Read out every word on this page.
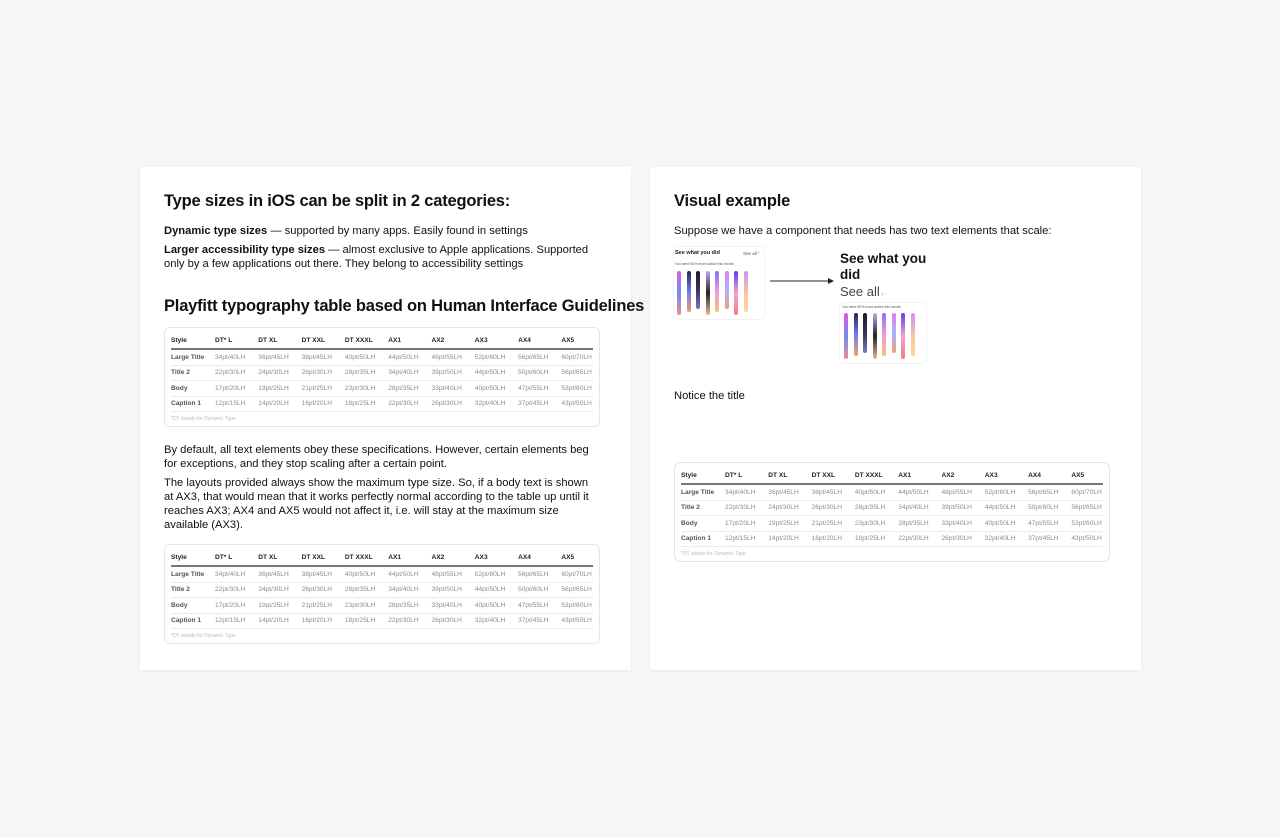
Type sizes in iOS can be split in 2 categories:

Dynamic type sizes — supported by many apps. Easily found in settings

Larger accessibility type sizes — almost exclusive to Apple applications. Supported only by a few applications out there. They belong to accessibility settings

Playfitt typography table based on Human Interface Guidelines
Style	DT* L	DT XL	DT XXL	DT XXXL	AX1	AX2	AX3	AX4	AX5
Large Title	34pt/40LH	36pt/45LH	38pt/45LH	40pt/50LH	44pt/50LH	48pt/55LH	52pt/60LH	56pt/65LH	60pt/70LH
Title 2	22pt/30LH	24pt/30LH	26pt/30LH	28pt/35LH	34pt/40LH	39pt/50LH	44pt/50LH	50pt/60LH	56pt/65LH
Body	17pt/20LH	19pt/25LH	21pt/25LH	23pt/30LH	28pt/35LH	33pt/40LH	40pt/50LH	47pt/55LH	53pt/60LH
Caption 1	12pt/15LH	14pt/20LH	16pt/20LH	18pt/25LH	22pt/30LH	26pt/30LH	32pt/40LH	37pt/45LH	43pt/50LH
*DT stands for Dynamic Type

By default, all text elements obey these specifications. However, certain elements beg for exceptions, and they stop scaling after a certain point.

The layouts provided always show the maximum type size. So, if a body text is shown at AX3, that would mean that it works perfectly normal according to the table up until it reaches AX3; AX4 and AX5 would not affect it, i.e. will stay at the maximum size available (AX3).

Style	DT* L	DT XL	DT XXL	DT XXXL	AX1	AX2	AX3	AX4	AX5
Large Title	34pt/40LH	36pt/45LH	38pt/45LH	40pt/50LH	44pt/50LH	48pt/55LH	52pt/60LH	56pt/65LH	60pt/70LH
Title 2	22pt/30LH	24pt/30LH	26pt/30LH	28pt/35LH	34pt/40LH	39pt/50LH	44pt/50LH	50pt/60LH	56pt/65LH
Body	17pt/20LH	19pt/25LH	21pt/25LH	23pt/30LH	28pt/35LH	33pt/40LH	40pt/50LH	47pt/55LH	53pt/60LH
Caption 1	12pt/15LH	14pt/20LH	16pt/20LH	18pt/25LH	22pt/30LH	26pt/30LH	32pt/40LH	37pt/45LH	43pt/50LH
*DT stands for Dynamic Type
Visual example

Suppose we have a component that needs has two text elements that scale:

See what you did	See all ›
You were 50% more active this month	See what you did
See all ›
You were 50% more active this month

Notice the title

Style	DT* L	DT XL	DT XXL	DT XXXL	AX1	AX2	AX3	AX4	AX5
Large Title	34pt/40LH	36pt/45LH	38pt/45LH	40pt/50LH	44pt/50LH	48pt/55LH	52pt/60LH	56pt/65LH	60pt/70LH
Title 2	22pt/30LH	24pt/30LH	26pt/30LH	28pt/35LH	34pt/40LH	39pt/50LH	44pt/50LH	50pt/60LH	56pt/65LH
Body	17pt/20LH	19pt/25LH	21pt/25LH	23pt/30LH	28pt/35LH	33pt/40LH	40pt/50LH	47pt/55LH	53pt/60LH
Caption 1	12pt/15LH	14pt/20LH	16pt/20LH	18pt/25LH	22pt/30LH	26pt/30LH	32pt/40LH	37pt/45LH	43pt/50LH
*DT stands for Dynamic Type
